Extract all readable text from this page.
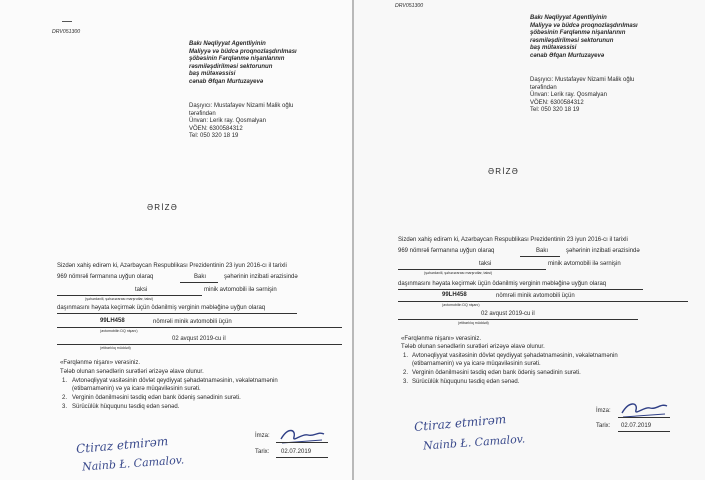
DRV051300
Bakı Nəqliyyat Agentliyinin
Maliyyə və büdcə proqnozlaşdırılması
şöbəsinin Fərqlənmə nişanlarının
rəsmiləşdirilməsi sektorunun
baş mütəxəssisi
cənab Əfqan Murtuzayevə
Daşıyıcı: Mustafayev Nizami Malik oğlu
tərəfindən
Ünvan: Lerik ray. Qosmalyan
VÖEN: 6300584312
Tel: 050 320 18 19
ƏRİZƏ
Sizdən xahiş edirəm ki, Azərbaycan Respublikası Prezidentinin 23 iyun 2016-cı il tarixli
969 nömrəli fərmanına uyğun olaraq	Bakı	şəhərinin inzibati ərazisində
taksi	minik avtomobili ilə sərnişin
(şəhərdaxili, şəhərərarası marşrutlar, taksi)
daşınmasını həyata keçirmək üçün ödənilmiş verginin məbləğinə uyğun olaraq
99LH458	nömrəli minik avtomobili üçün
(avtomobilin DQ nişanı)
02 avqust 2019-cu il
(etibarlılıq müddəti)
«Fərqlənmə nişanı» verəsiniz.
Tələb olunan sənədlərin surətləri ərizəyə əlavə olunur.
1. Avtonəqliyyat vasitəsinin dövlət qeydiyyat şəhadətnaməsinin, vəkalətnamənin
(etibarnamənin) və ya icarə müqaviləsinin surəti.
2. Verginin ödənilməsini təsdiq edən bank ödəniş sənədinin surəti.
3. Sürücülük hüququnu təsdiq edən sənəd.
İmza:
Tarix: 02.07.2019
Ctiraz etmirəm
Nainb Ł. Camalov.
DRV051300
Bakı Nəqliyyat Agentliyinin
Maliyyə və büdcə proqnozlaşdırılması
şöbəsinin Fərqlənmə nişanlarının
rəsmiləşdirilməsi sektorunun
baş mütəxəssisi
cənab Əfqan Murtuzayevə
Daşıyıcı: Mustafayev Nizami Malik oğlu
tərəfindən
Ünvan: Lerik ray. Qosmalyan
VÖEN: 6300584312
Tel: 050 320 18 19
ƏRİZƏ
Sizdən xahiş edirəm ki, Azərbaycan Respublikası Prezidentinin 23 iyun 2016-cı il tarixli
969 nömrəli fərmanına uyğun olaraq	Bakı	şəhərinin inzibati ərazisində
taksi	minik avtomobili ilə sərnişin
(şəhərdaxili, şəhərərarası marşrutlar, taksi)
daşınmasını həyata keçirmək üçün ödənilmiş verginin məbləğinə uyğun olaraq
99LH458	nömrəli minik avtomobili üçün
(avtomobilin DQ nişanı)
02 avqust 2019-cu il
(etibarlılıq müddəti)
«Fərqlənmə nişanı» verəsiniz.
Tələb olunan sənədlərin surətləri ərizəyə əlavə olunur.
1. Avtonəqliyyat vasitəsinin dövlət qeydiyyat şəhadətnaməsinin, vəkalətnamənin
(etibarnamənin) və ya icarə müqaviləsinin surəti.
2. Verginin ödənilməsini təsdiq edən bank ödəniş sənədinin surəti.
3. Sürücülük hüququnu təsdiq edən sənəd.
İmza:
Tarix: 02.07.2019
Ctiraz etmirəm
Nainb Ł. Camalov.
